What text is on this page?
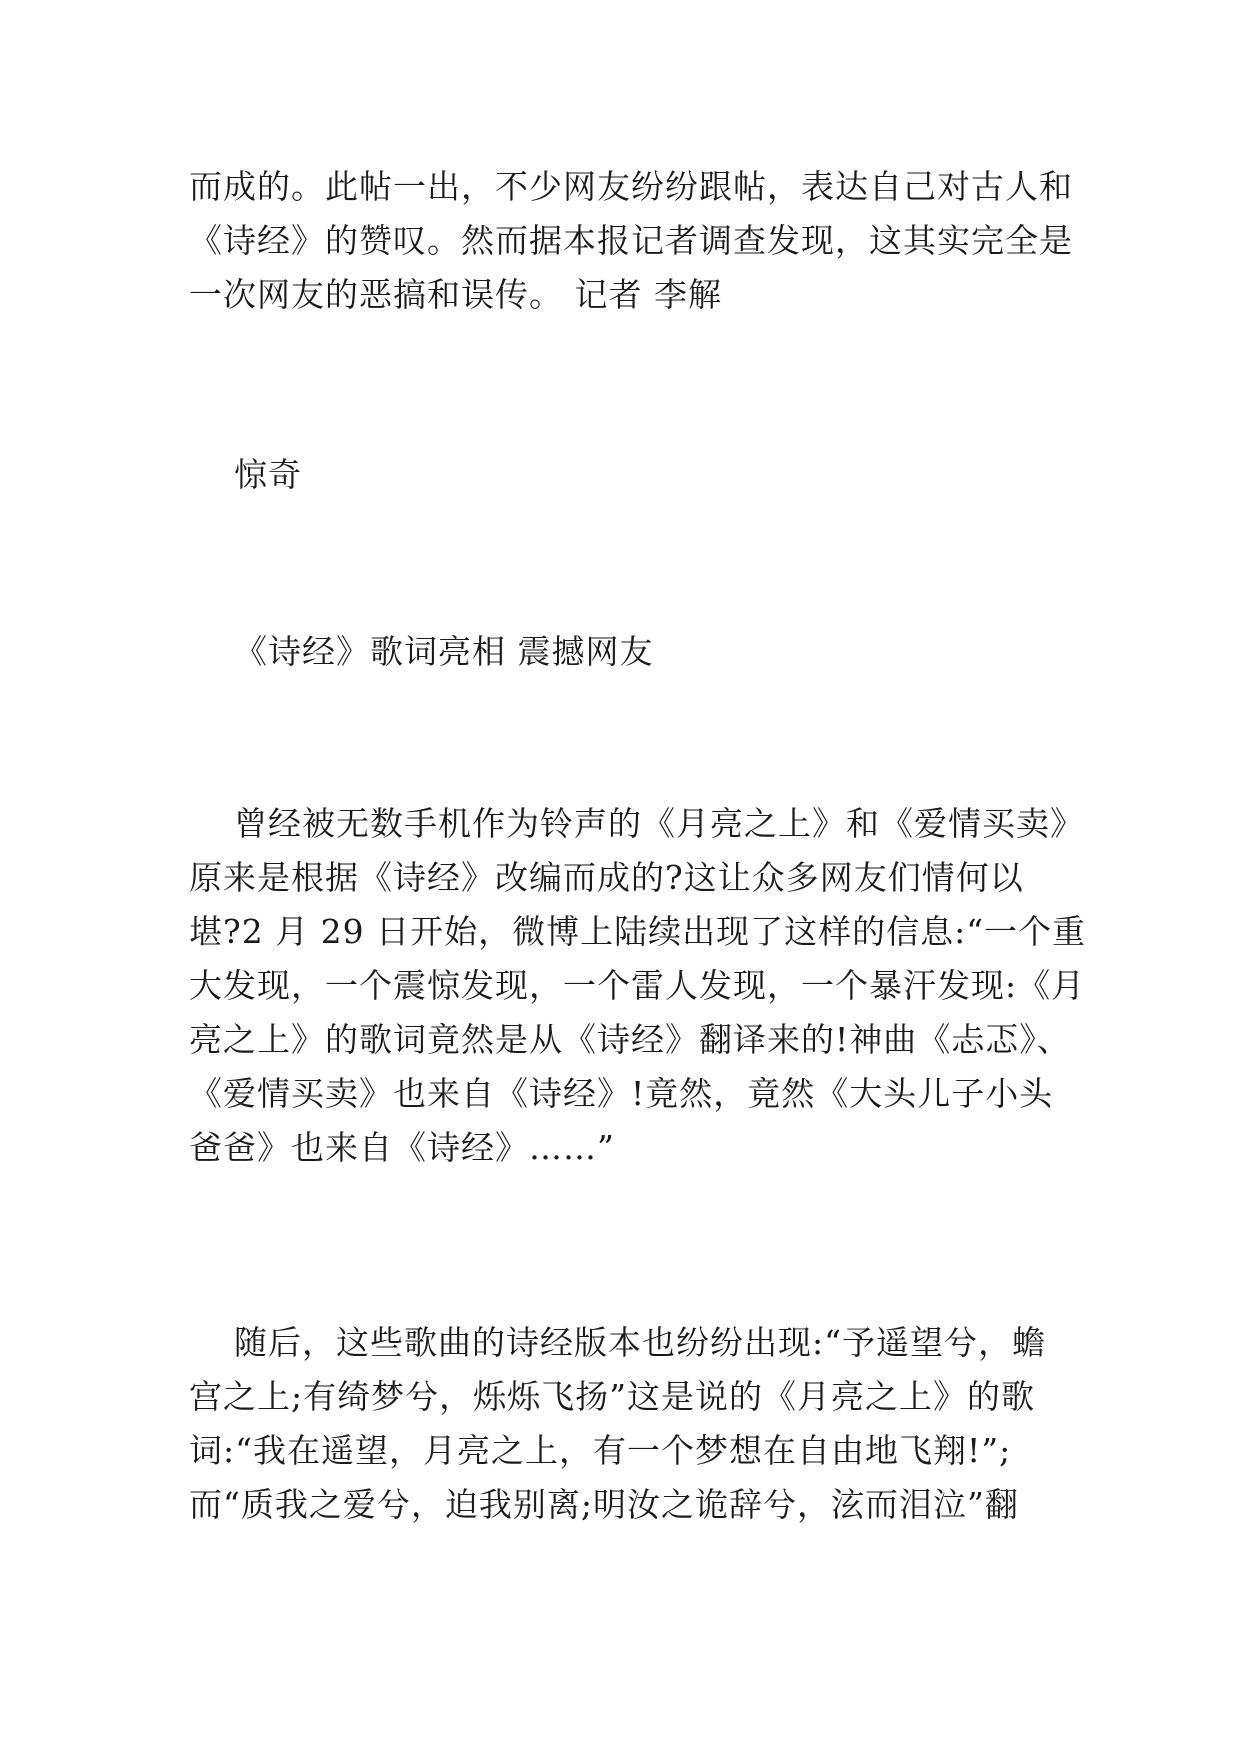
而成的。此帖一出，不少网友纷纷跟帖，表达自己对古人和
《诗经》的赞叹。然而据本报记者调查发现，这其实完全是
一次网友的恶搞和误传。 记者 李解
惊奇
《诗经》歌词亮相 震撼网友
曾经被无数手机作为铃声的《月亮之上》和《爱情买卖》
原来是根据《诗经》改编而成的?这让众多网友们情何以
堪?2 月 29 日开始，微博上陆续出现了这样的信息:“一个重
大发现，一个震惊发现，一个雷人发现，一个暴汗发现:《月
亮之上》的歌词竟然是从《诗经》翻译来的!神曲《忐忑》、
《爱情买卖》也来自《诗经》!竟然，竟然《大头儿子小头
爸爸》也来自《诗经》……”
随后，这些歌曲的诗经版本也纷纷出现:“予遥望兮，蟾
宫之上;有绮梦兮，烁烁飞扬”这是说的《月亮之上》的歌
词:“我在遥望，月亮之上，有一个梦想在自由地飞翔!”;
而“质我之爱兮，迫我别离;明汝之诡辞兮，泫而泪泣”翻
